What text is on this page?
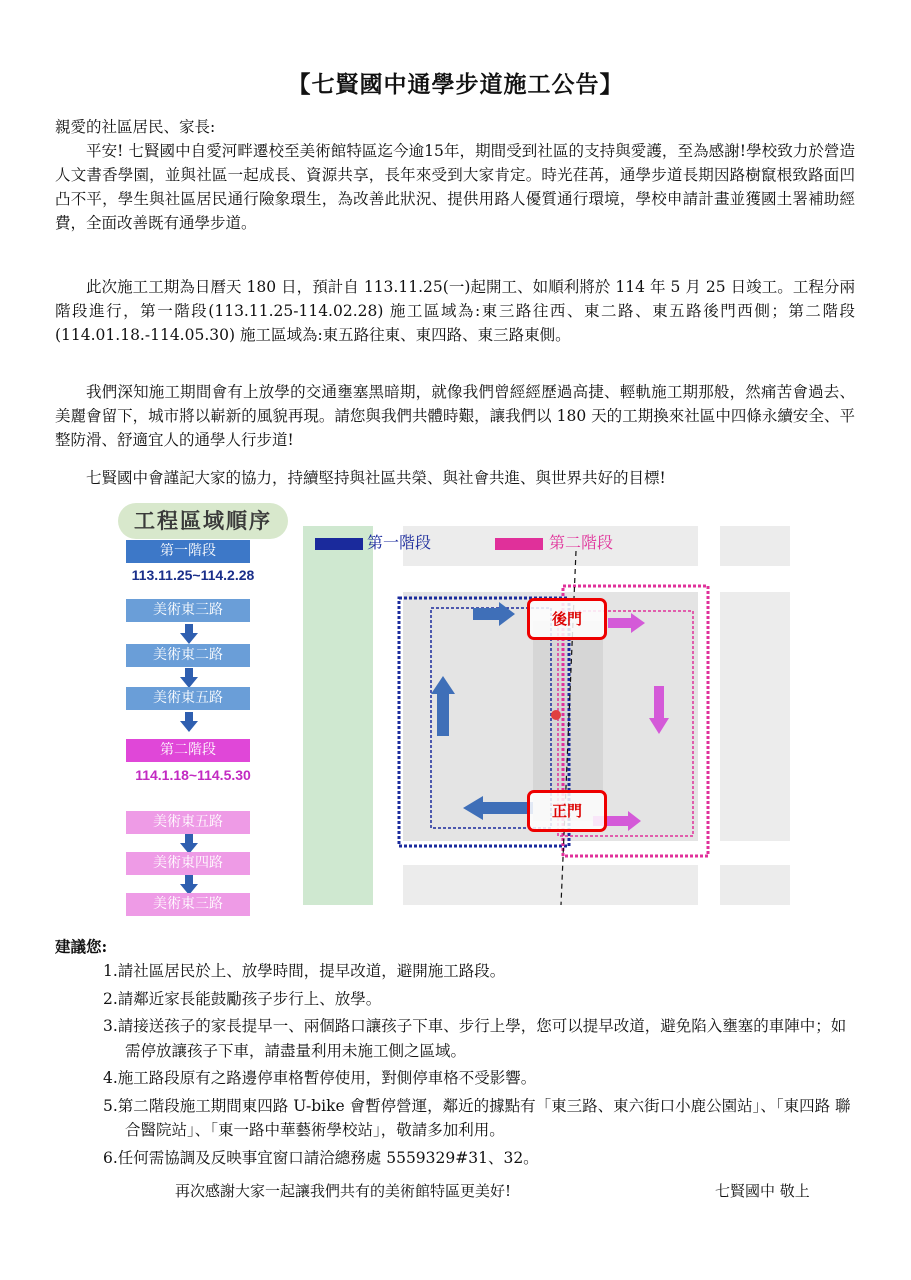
【七賢國中通學步道施工公告】

親愛的社區居民、家長:

平安! 七賢國中自愛河畔遷校至美術館特區迄今逾15年，期間受到社區的支持與愛護，至為感謝!學校致力於營造人文書香學園，並與社區一起成長、資源共享，長年來受到大家肯定。時光荏苒，通學步道長期因路樹竄根致路面凹凸不平，學生與社區居民通行險象環生，為改善此狀況、提供用路人優質通行環境，學校申請計畫並獲國土署補助經費，全面改善既有通學步道。

此次施工工期為日曆天 180 日，預計自 113.11.25(一)起開工、如順利將於 114 年 5 月 25 日竣工。工程分兩階段進行，第一階段(113.11.25-114.02.28) 施工區域為:東三路往西、東二路、東五路後門西側；第二階段(114.01.18.-114.05.30) 施工區域為:東五路往東、東四路、東三路東側。

我們深知施工期間會有上放學的交通壅塞黑暗期，就像我們曾經經歷過高捷、輕軌施工期那般，然痛苦會過去、美麗會留下，城市將以嶄新的風貌再現。請您與我們共體時艱，讓我們以 180 天的工期換來社區中四條永續安全、平整防滑、舒適宜人的通學人行步道!

七賢國中會謹記大家的協力，持續堅持與社區共榮、與社會共進、與世界共好的目標!

工程區域順序
第一階段
113.11.25~114.2.28
美術東三路
美術東二路
美術東五路
第二階段
114.1.18~114.5.30
美術東五路
美術東四路
美術東三路
第一階段	第二階段
後門
正門
建議您:
1.請社區居民於上、放學時間，提早改道，避開施工路段。
2.請鄰近家長能鼓勵孩子步行上、放學。
3.請接送孩子的家長提早一、兩個路口讓孩子下車、步行上學，您可以提早改道，避免陷入壅塞的車陣中；如需停放讓孩子下車，請盡量利用未施工側之區域。
4.施工路段原有之路邊停車格暫停使用，對側停車格不受影響。
5.第二階段施工期間東四路 U-bike 會暫停營運，鄰近的據點有「東三路、東六街口小鹿公園站」、「東四路 聯合醫院站」、「東一路中華藝術學校站」，敬請多加利用。
6.任何需協調及反映事宜窗口請洽總務處 5559329#31、32。
再次感謝大家一起讓我們共有的美術館特區更美好!	七賢國中 敬上
